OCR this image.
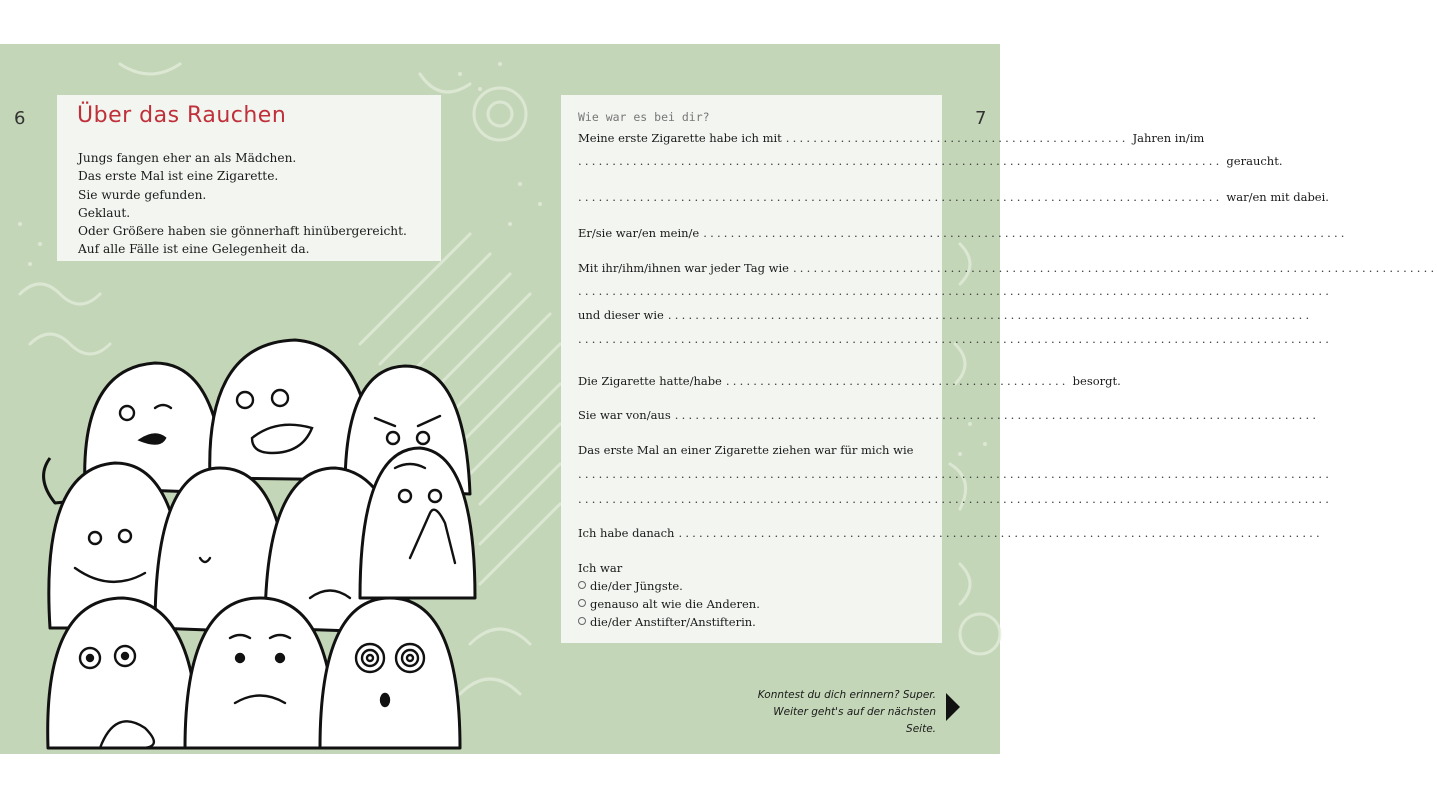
6	7
Über das Rauchen
Jungs fangen eher an als Mädchen.
Das erste Mal ist eine Zigarette.
Sie wurde gefunden.
Geklaut.
Oder Größere haben sie gönnerhaft hinübergereicht.
Auf alle Fälle ist eine Gelegenheit da.
Wie war es bei dir?
Meine erste Zigarette habe ich mit .................................................. Jahren in/im
.............................................................................................. geraucht.
.............................................................................................. war/en mit dabei.
Er/sie war/en mein/e ..............................................................................................
Mit ihr/ihm/ihnen war jeder Tag wie ..............................................................................................
..............................................................................................................
und dieser wie ..............................................................................................
..............................................................................................................
Die Zigarette hatte/habe .................................................. besorgt.
Sie war von/aus ..............................................................................................
Das erste Mal an einer Zigarette ziehen war für mich wie
..............................................................................................................
..............................................................................................................
Ich habe danach ..............................................................................................
Ich war
die/der Jüngste.
genauso alt wie die Anderen.
die/der Anstifter/Anstifterin.
Konntest du dich erinnern? Super.
Weiter geht's auf der nächsten Seite.
